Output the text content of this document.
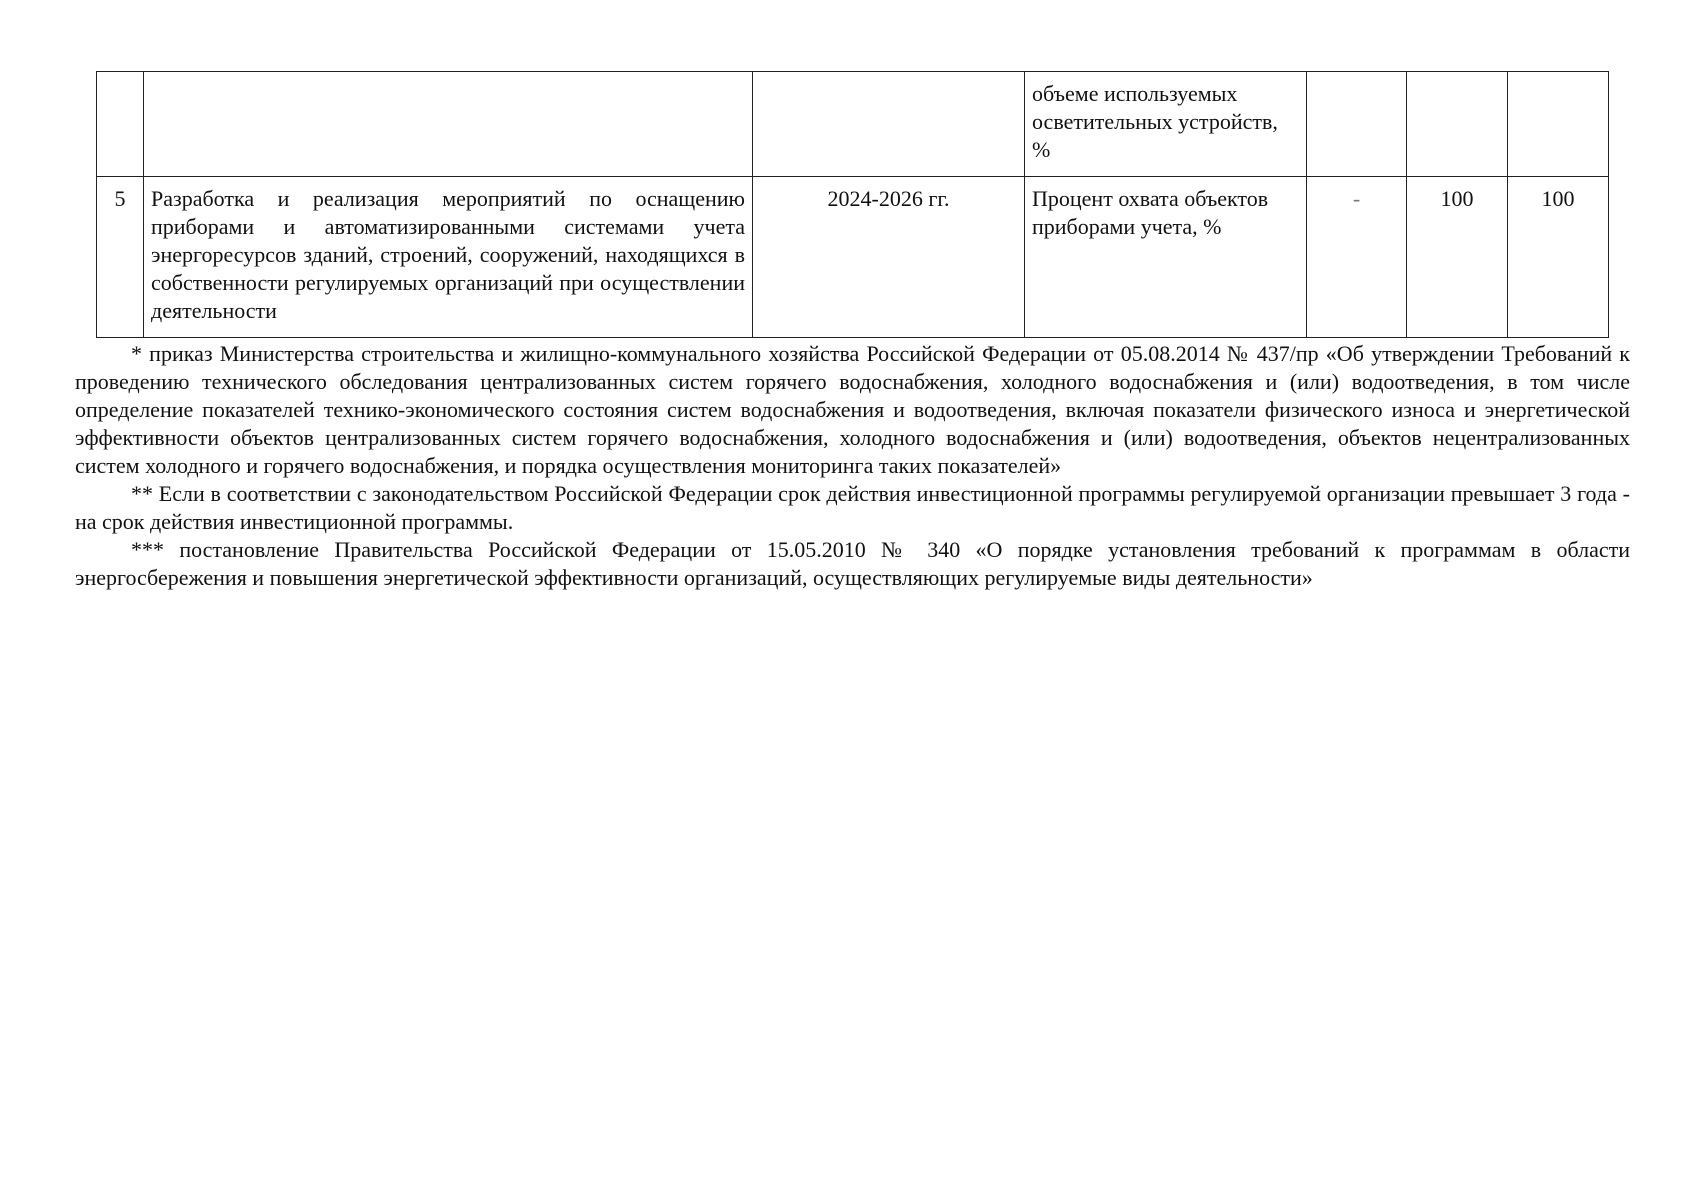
			объеме используемых осветительных устройств, %			
5	Разработка и реализация мероприятий по оснащению приборами и автоматизированными системами учета энергоресурсов зданий, строений, сооружений, находящихся в собственности регулируемых организаций при осуществлении деятельности	2024-2026 гг.	Процент охвата объектов приборами учета, %	-	100	100

* приказ Министерства строительства и жилищно-коммунального хозяйства Российской Федерации от 05.08.2014 № 437/пр «Об утверждении Требований к проведению технического обследования централизованных систем горячего водоснабжения, холодного водоснабжения и (или) водоотведения, в том числе определение показателей технико-экономического состояния систем водоснабжения и водоотведения, включая показатели физического износа и энергетической эффективности объектов централизованных систем горячего водоснабжения, холодного водоснабжения и (или) водоотведения, объектов нецентрализованных систем холодного и горячего водоснабжения, и порядка осуществления мониторинга таких показателей»

** Если в соответствии с законодательством Российской Федерации срок действия инвестиционной программы регулируемой организации превышает 3 года - на срок действия инвестиционной программы.

*** постановление Правительства Российской Федерации от 15.05.2010 № 340 «О порядке установления требований к программам в области энергосбережения и повышения энергетической эффективности организаций, осуществляющих регулируемые виды деятельности»
